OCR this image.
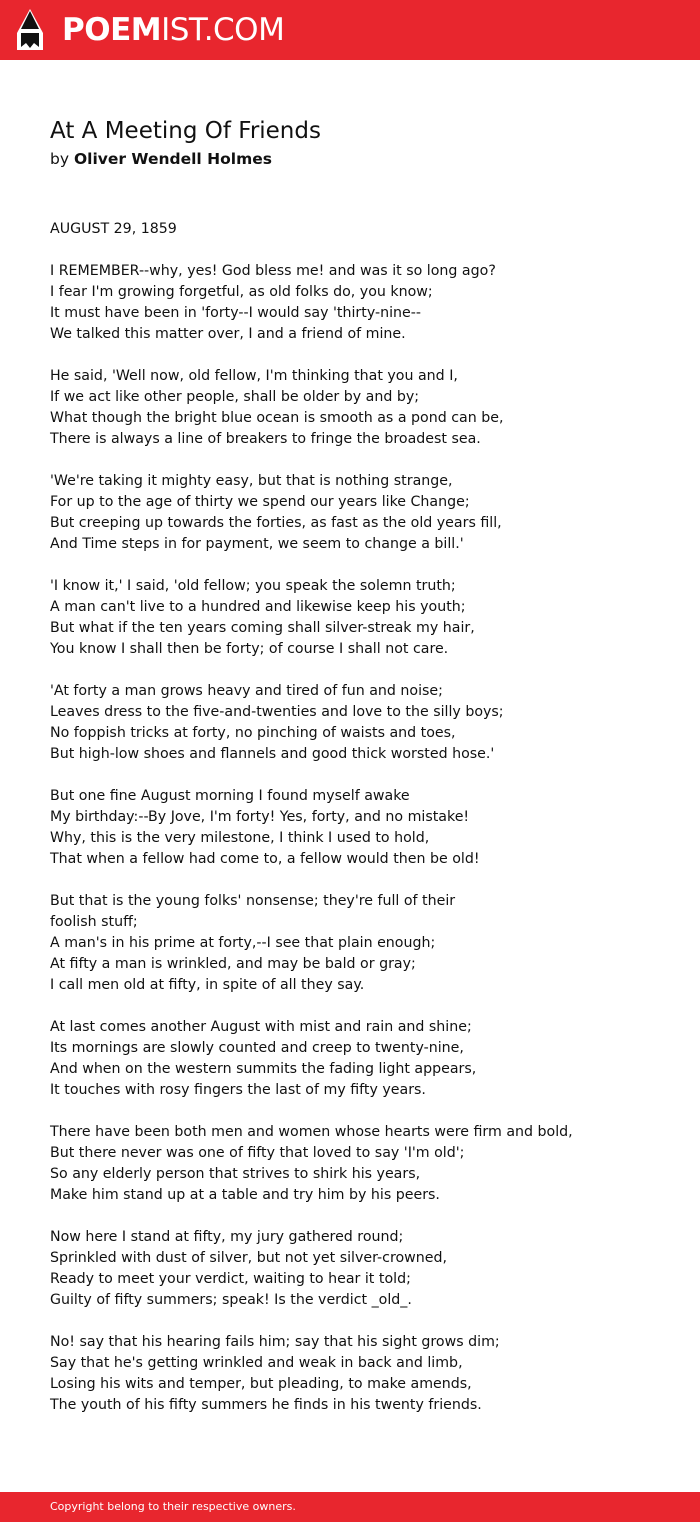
POEMIST.COM
At A Meeting Of Friends
by Oliver Wendell Holmes
AUGUST 29, 1859

I REMEMBER--why, yes! God bless me! and was it so long ago?
I fear I'm growing forgetful, as old folks do, you know;
It must have been in 'forty--I would say 'thirty-nine--
We talked this matter over, I and a friend of mine.

He said, 'Well now, old fellow, I'm thinking that you and I,
If we act like other people, shall be older by and by;
What though the bright blue ocean is smooth as a pond can be,
There is always a line of breakers to fringe the broadest sea.

'We're taking it mighty easy, but that is nothing strange,
For up to the age of thirty we spend our years like Change;
But creeping up towards the forties, as fast as the old years fill,
And Time steps in for payment, we seem to change a bill.'

'I know it,' I said, 'old fellow; you speak the solemn truth;
A man can't live to a hundred and likewise keep his youth;
But what if the ten years coming shall silver-streak my hair,
You know I shall then be forty; of course I shall not care.

'At forty a man grows heavy and tired of fun and noise;
Leaves dress to the five-and-twenties and love to the silly boys;
No foppish tricks at forty, no pinching of waists and toes,
But high-low shoes and flannels and good thick worsted hose.'

But one fine August morning I found myself awake
My birthday:--By Jove, I'm forty! Yes, forty, and no mistake!
Why, this is the very milestone, I think I used to hold,
That when a fellow had come to, a fellow would then be old!

But that is the young folks' nonsense; they're full of their
foolish stuff;
A man's in his prime at forty,--I see that plain enough;
At fifty a man is wrinkled, and may be bald or gray;
I call men old at fifty, in spite of all they say.

At last comes another August with mist and rain and shine;
Its mornings are slowly counted and creep to twenty-nine,
And when on the western summits the fading light appears,
It touches with rosy fingers the last of my fifty years.

There have been both men and women whose hearts were firm and bold,
But there never was one of fifty that loved to say 'I'm old';
So any elderly person that strives to shirk his years,
Make him stand up at a table and try him by his peers.

Now here I stand at fifty, my jury gathered round;
Sprinkled with dust of silver, but not yet silver-crowned,
Ready to meet your verdict, waiting to hear it told;
Guilty of fifty summers; speak! Is the verdict _old_.

No! say that his hearing fails him; say that his sight grows dim;
Say that he's getting wrinkled and weak in back and limb,
Losing his wits and temper, but pleading, to make amends,
The youth of his fifty summers he finds in his twenty friends.
Copyright belong to their respective owners.
